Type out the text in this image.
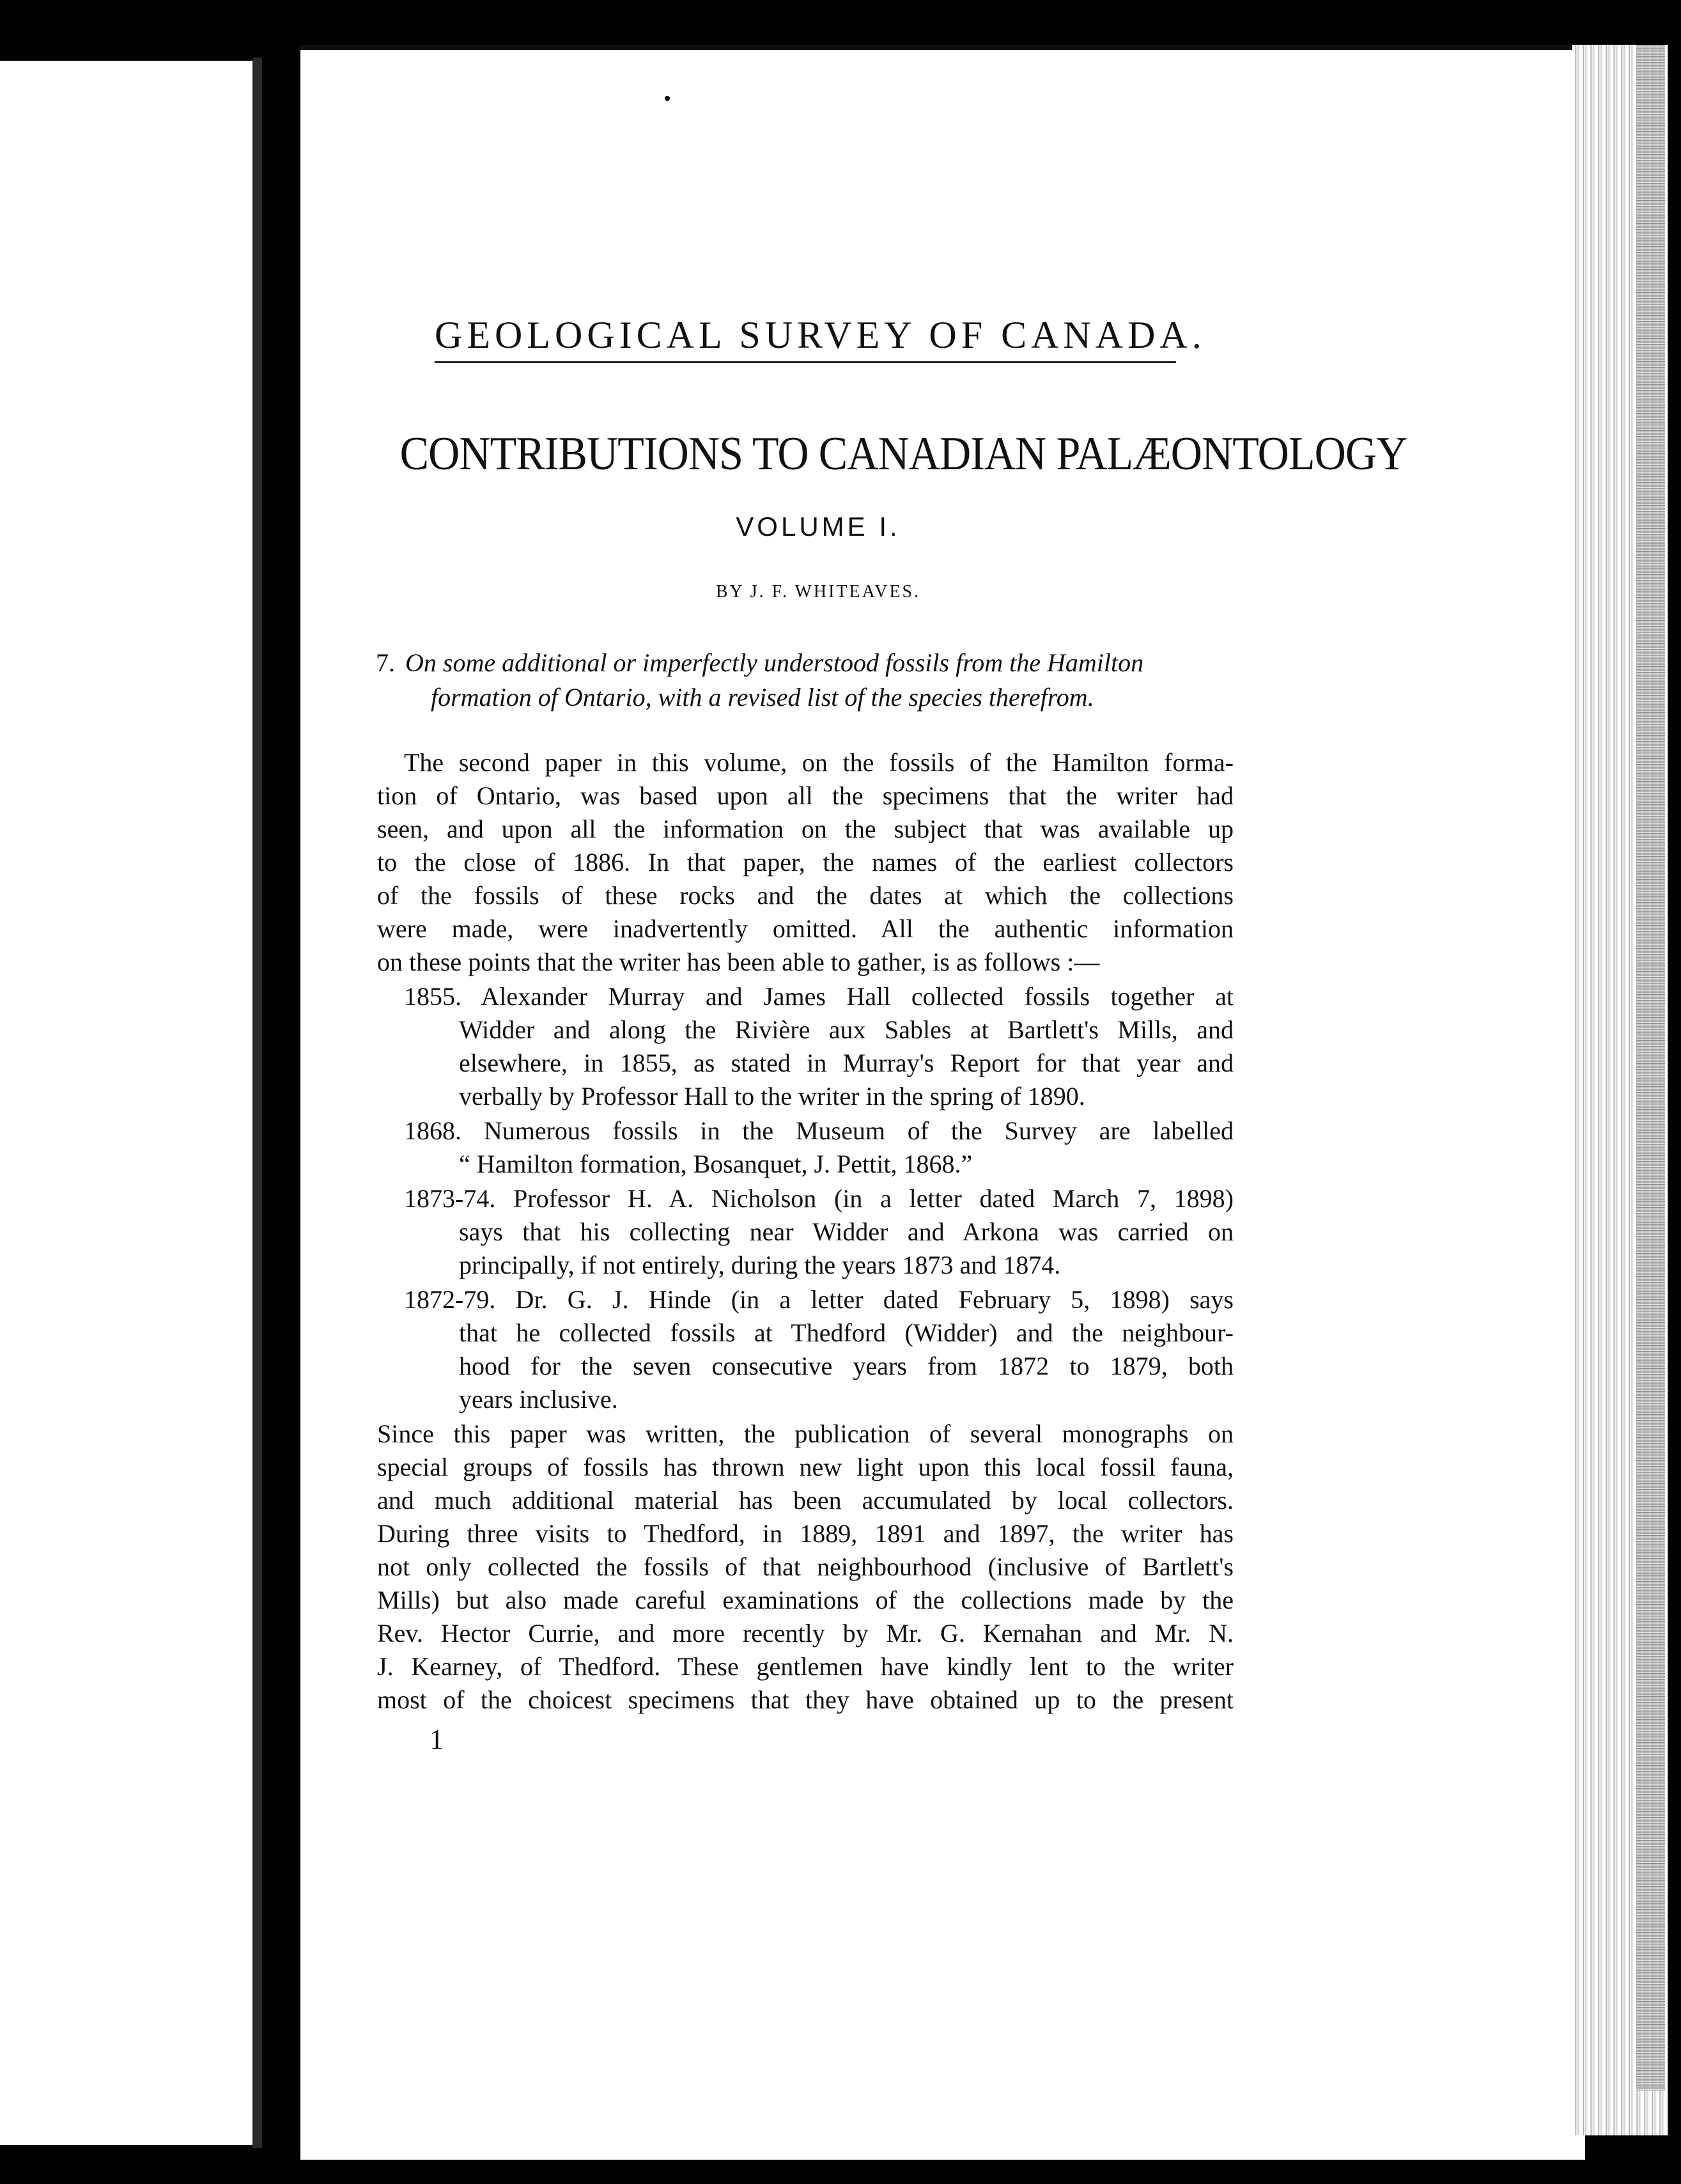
GEOLOGICAL SURVEY OF CANADA.
CONTRIBUTIONS TO CANADIAN PALÆONTOLOGY
VOLUME I.
BY J. F. WHITEAVES.
7. On some additional or imperfectly understood fossils from the Hamilton
formation of Ontario, with a revised list of the species therefrom.
The second paper in this volume, on the fossils of the Hamilton forma-
tion of Ontario, was based upon all the specimens that the writer had
seen, and upon all the information on the subject that was available up
to the close of 1886. In that paper, the names of the earliest collectors
of the fossils of these rocks and the dates at which the collections
were made, were inadvertently omitted. All the authentic information
on these points that the writer has been able to gather, is as follows :—
1855. Alexander Murray and James Hall collected fossils together at
Widder and along the Rivière aux Sables at Bartlett's Mills, and
elsewhere, in 1855, as stated in Murray's Report for that year and
verbally by Professor Hall to the writer in the spring of 1890.
1868. Numerous fossils in the Museum of the Survey are labelled
“ Hamilton formation, Bosanquet, J. Pettit, 1868.”
1873-74. Professor H. A. Nicholson (in a letter dated March 7, 1898)
says that his collecting near Widder and Arkona was carried on
principally, if not entirely, during the years 1873 and 1874.
1872-79. Dr. G. J. Hinde (in a letter dated February 5, 1898) says
that he collected fossils at Thedford (Widder) and the neighbour-
hood for the seven consecutive years from 1872 to 1879, both
years inclusive.
Since this paper was written, the publication of several monographs on
special groups of fossils has thrown new light upon this local fossil fauna,
and much additional material has been accumulated by local collectors.
During three visits to Thedford, in 1889, 1891 and 1897, the writer has
not only collected the fossils of that neighbourhood (inclusive of Bartlett's
Mills) but also made careful examinations of the collections made by the
Rev. Hector Currie, and more recently by Mr. G. Kernahan and Mr. N.
J. Kearney, of Thedford. These gentlemen have kindly lent to the writer
most of the choicest specimens that they have obtained up to the present
1
